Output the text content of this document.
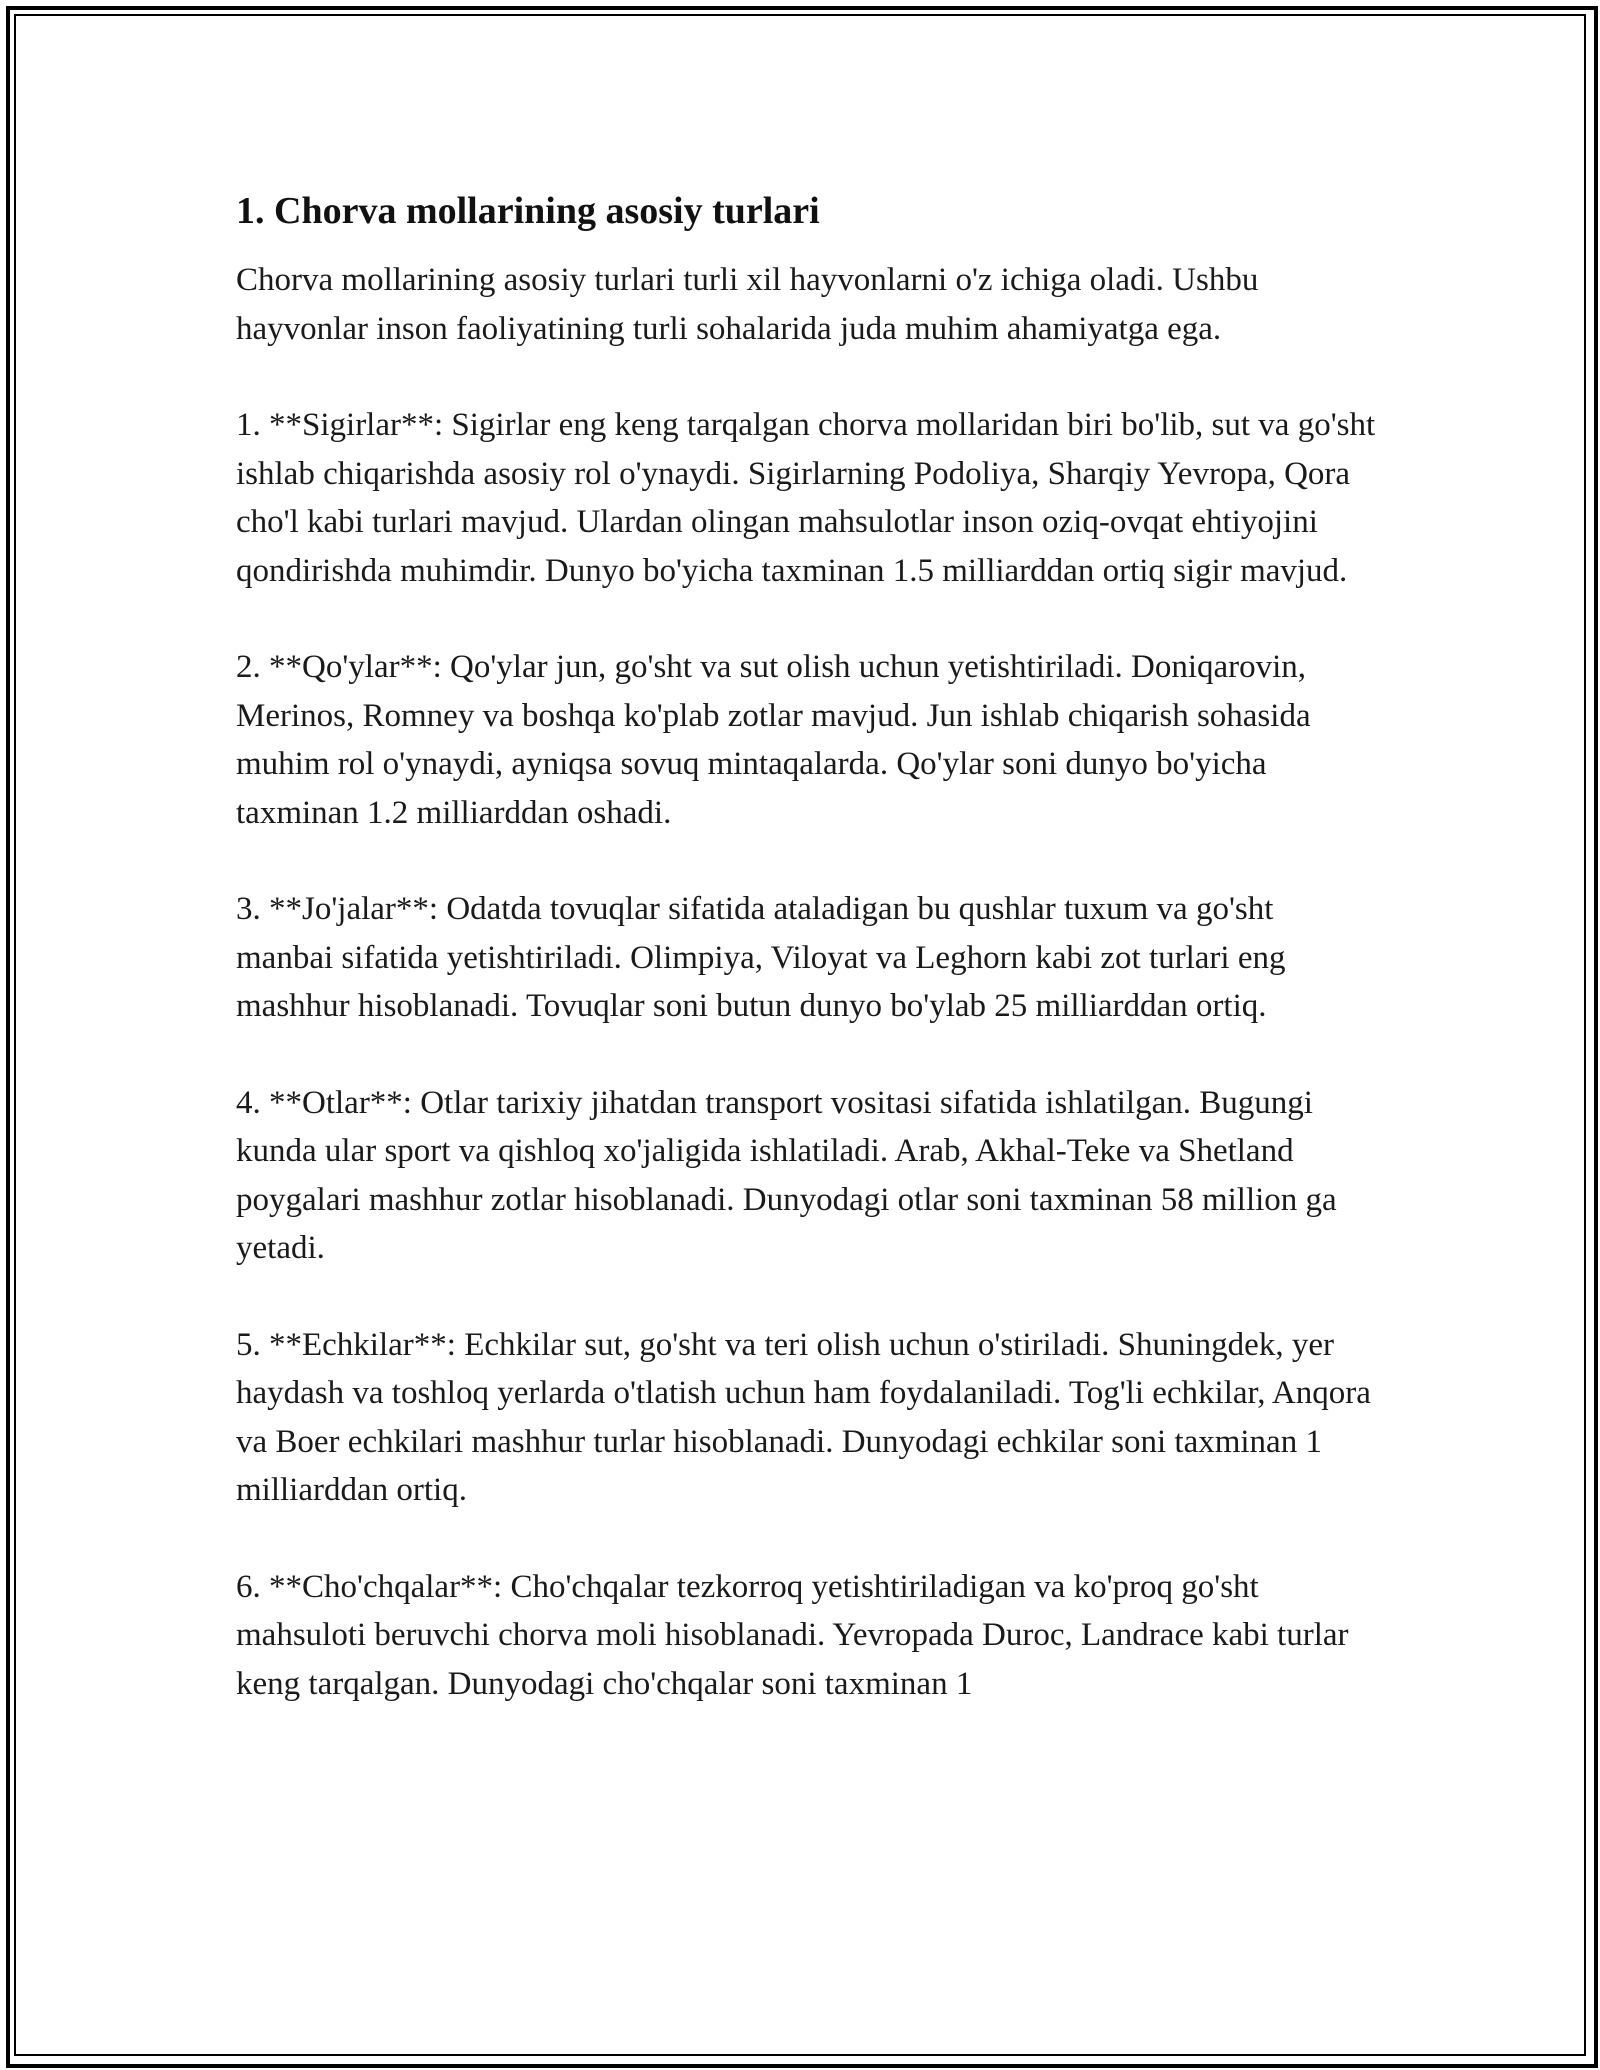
1. Chorva mollarining asosiy turlari

Chorva mollarining asosiy turlari turli xil hayvonlarni o'z ichiga oladi. Ushbu hayvonlar inson faoliyatining turli sohalarida juda muhim ahamiyatga ega.

1. **Sigirlar**: Sigirlar eng keng tarqalgan chorva mollaridan biri bo'lib, sut va go'sht ishlab chiqarishda asosiy rol o'ynaydi. Sigirlarning Podoliya, Sharqiy Yevropa, Qora cho'l kabi turlari mavjud. Ulardan olingan mahsulotlar inson oziq-ovqat ehtiyojini qondirishda muhimdir. Dunyo bo'yicha taxminan 1.5 milliarddan ortiq sigir mavjud.

2. **Qo'ylar**: Qo'ylar jun, go'sht va sut olish uchun yetishtiriladi. Doniqarovin, Merinos, Romney va boshqa ko'plab zotlar mavjud. Jun ishlab chiqarish sohasida muhim rol o'ynaydi, ayniqsa sovuq mintaqalarda. Qo'ylar soni dunyo bo'yicha taxminan 1.2 milliarddan oshadi.

3. **Jo'jalar**: Odatda tovuqlar sifatida ataladigan bu qushlar tuxum va go'sht manbai sifatida yetishtiriladi. Olimpiya, Viloyat va Leghorn kabi zot turlari eng mashhur hisoblanadi. Tovuqlar soni butun dunyo bo'ylab 25 milliarddan ortiq.

4. **Otlar**: Otlar tarixiy jihatdan transport vositasi sifatida ishlatilgan. Bugungi kunda ular sport va qishloq xo'jaligida ishlatiladi. Arab, Akhal-Teke va Shetland poygalari mashhur zotlar hisoblanadi. Dunyodagi otlar soni taxminan 58 million ga yetadi.

5. **Echkilar**: Echkilar sut, go'sht va teri olish uchun o'stiriladi. Shuningdek, yer haydash va toshloq yerlarda o'tlatish uchun ham foydalaniladi. Tog'li echkilar, Anqora va Boer echkilari mashhur turlar hisoblanadi. Dunyodagi echkilar soni taxminan 1 milliarddan ortiq.

6. **Cho'chqalar**: Cho'chqalar tezkorroq yetishtiriladigan va ko'proq go'sht mahsuloti beruvchi chorva moli hisoblanadi. Yevropada Duroc, Landrace kabi turlar keng tarqalgan. Dunyodagi cho'chqalar soni taxminan 1
